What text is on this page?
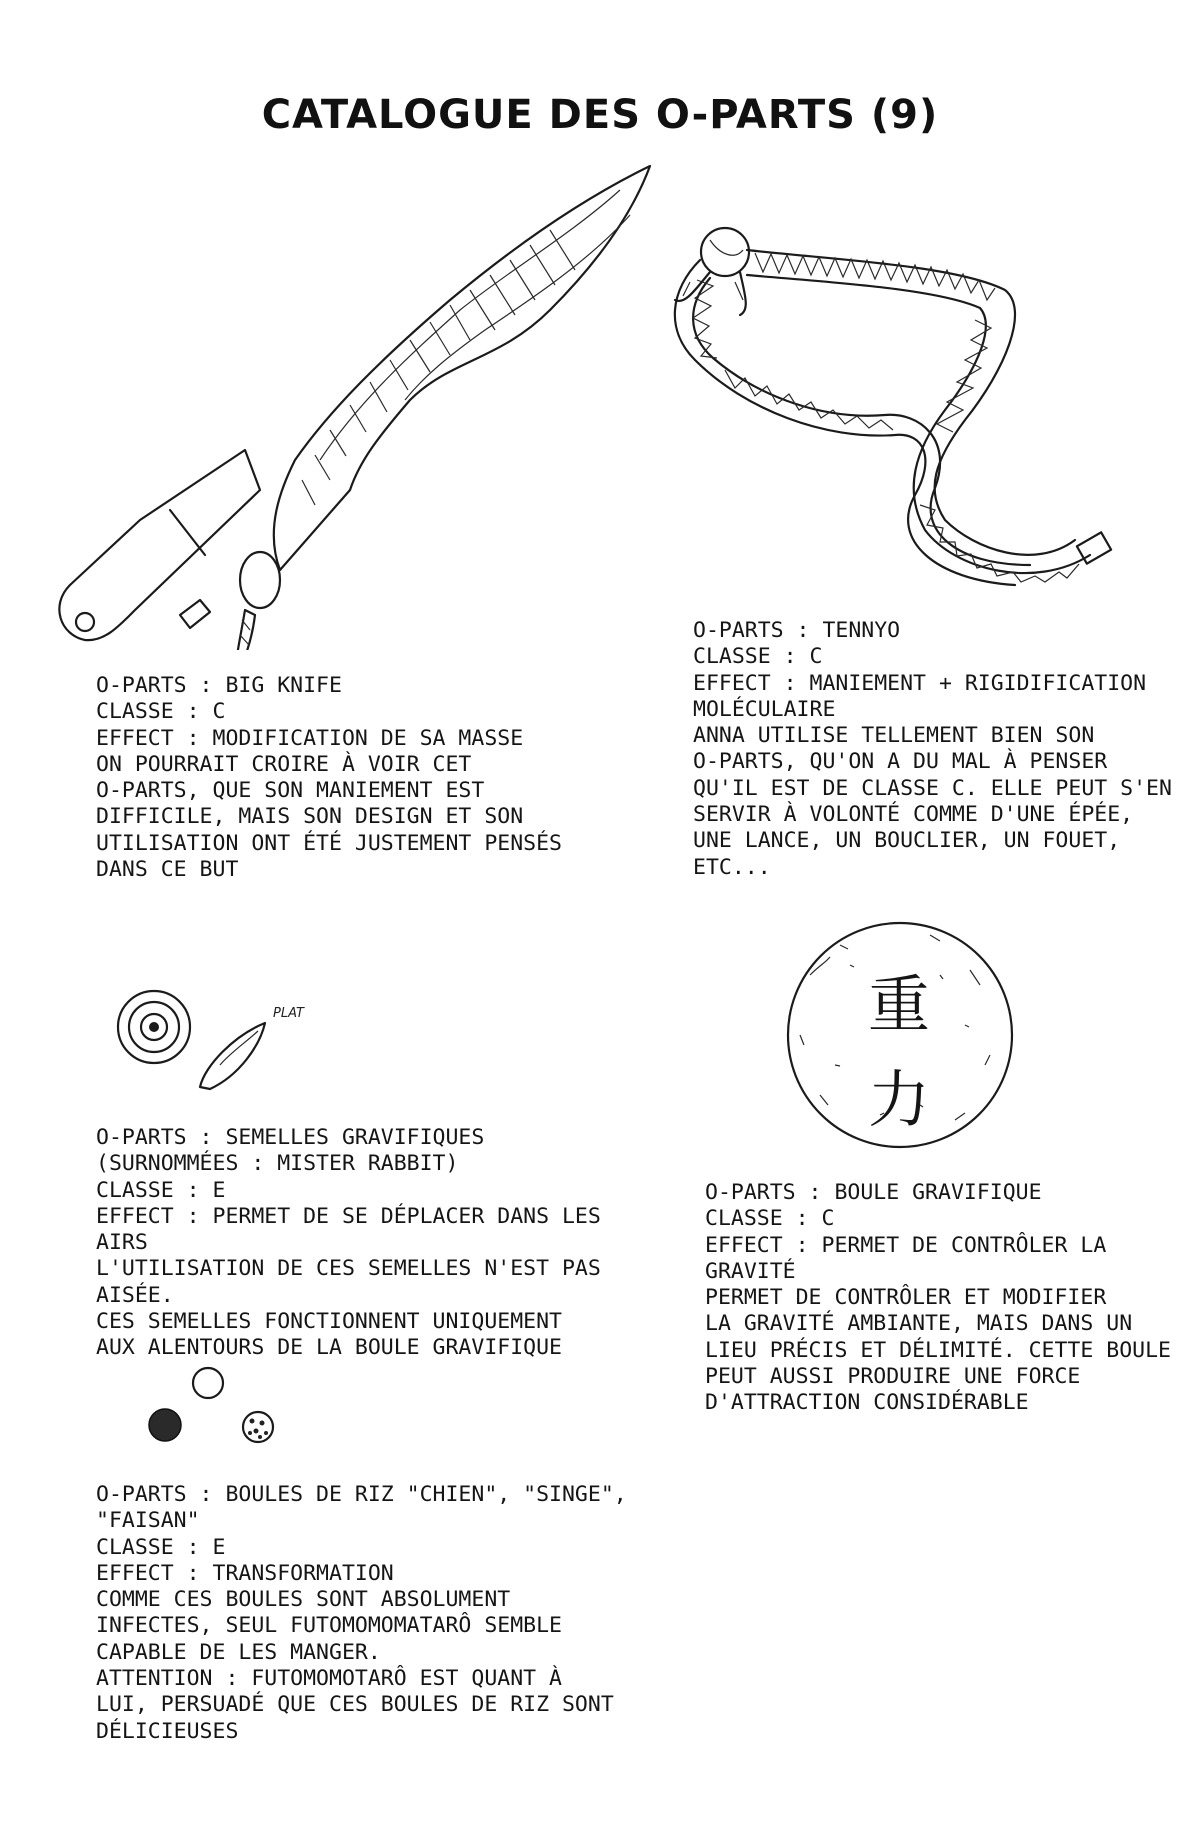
CATALOGUE DES O-PARTS (9)
PLAT	重
力
O-PARTS : BIG KNIFE
CLASSE : C
EFFECT : MODIFICATION DE SA MASSE
ON POURRAIT CROIRE À VOIR CET
O-PARTS, QUE SON MANIEMENT EST
DIFFICILE, MAIS SON DESIGN ET SON
UTILISATION ONT ÉTÉ JUSTEMENT PENSÉS
DANS CE BUT
O-PARTS : TENNYO
CLASSE : C
EFFECT : MANIEMENT + RIGIDIFICATION
MOLÉCULAIRE
ANNA UTILISE TELLEMENT BIEN SON
O-PARTS, QU'ON A DU MAL À PENSER
QU'IL EST DE CLASSE C. ELLE PEUT S'EN
SERVIR À VOLONTÉ COMME D'UNE ÉPÉE,
UNE LANCE, UN BOUCLIER, UN FOUET,
ETC...
O-PARTS : SEMELLES GRAVIFIQUES
(SURNOMMÉES : MISTER RABBIT)
CLASSE : E
EFFECT : PERMET DE SE DÉPLACER DANS LES
AIRS
L'UTILISATION DE CES SEMELLES N'EST PAS
AISÉE.
CES SEMELLES FONCTIONNENT UNIQUEMENT
AUX ALENTOURS DE LA BOULE GRAVIFIQUE
O-PARTS : BOULE GRAVIFIQUE
CLASSE : C
EFFECT : PERMET DE CONTRÔLER LA
GRAVITÉ
PERMET DE CONTRÔLER ET MODIFIER
LA GRAVITÉ AMBIANTE, MAIS DANS UN
LIEU PRÉCIS ET DÉLIMITÉ. CETTE BOULE
PEUT AUSSI PRODUIRE UNE FORCE
D'ATTRACTION CONSIDÉRABLE
O-PARTS : BOULES DE RIZ "CHIEN", "SINGE",
"FAISAN"
CLASSE : E
EFFECT : TRANSFORMATION
COMME CES BOULES SONT ABSOLUMENT
INFECTES, SEUL FUTOMOMOMATARÔ SEMBLE
CAPABLE DE LES MANGER.
ATTENTION : FUTOMOMOTARÔ EST QUANT À
LUI, PERSUADÉ QUE CES BOULES DE RIZ SONT
DÉLICIEUSES
